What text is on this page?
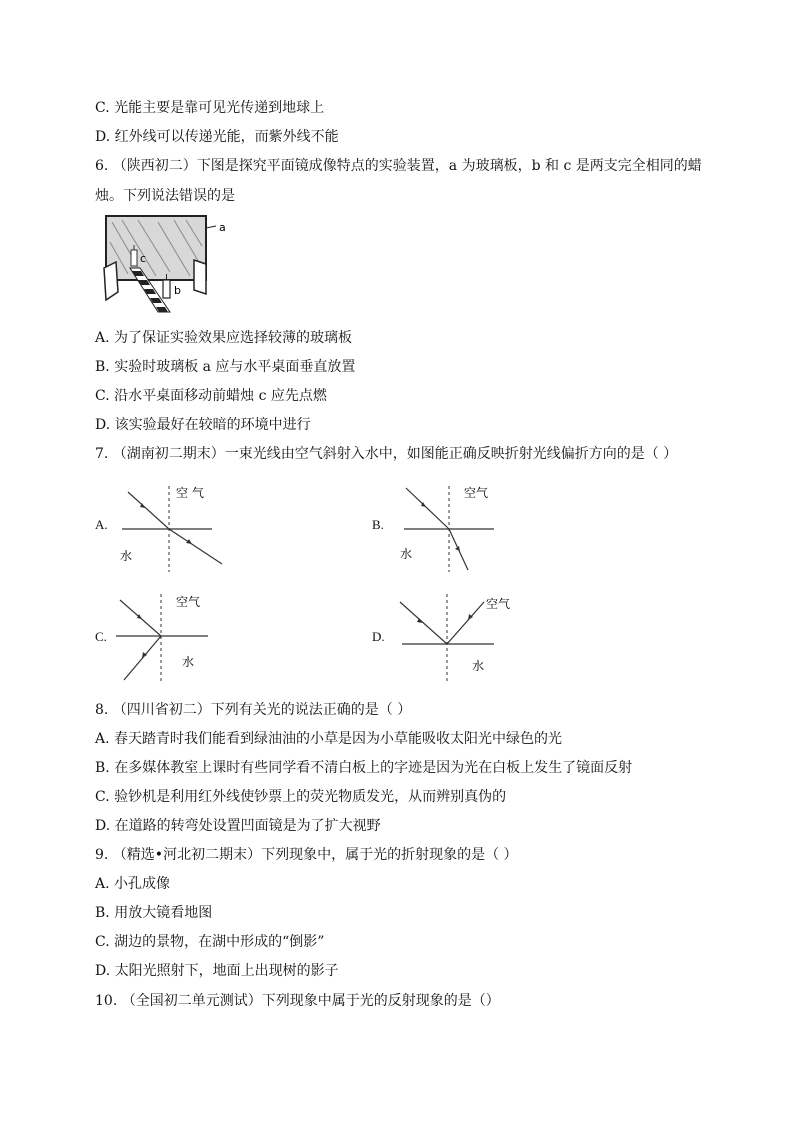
C. 光能主要是靠可见光传递到地球上
D. 红外线可以传递光能，而紫外线不能
6. （陕西初二）下图是探究平面镜成像特点的实验装置，a 为玻璃板，b 和 c 是两支完全相同的蜡
烛。下列说法错误的是
a
c
b
A. 为了保证实验效果应选择较薄的玻璃板
B. 实验时玻璃板 a 应与水平桌面垂直放置
C. 沿水平桌面移动前蜡烛 c 应先点燃
D. 该实验最好在较暗的环境中进行
7. （湖南初二期末）一束光线由空气斜射入水中，如图能正确反映折射光线偏折方向的是（ ）
A.
空 气
水
B.
空气
水
C.
空气
水
D.
空气
水
8. （四川省初二）下列有关光的说法正确的是（ ）
A. 春天踏青时我们能看到绿油油的小草是因为小草能吸收太阳光中绿色的光
B. 在多媒体教室上课时有些同学看不清白板上的字迹是因为光在白板上发生了镜面反射
C. 验钞机是利用红外线使钞票上的荧光物质发光，从而辨别真伪的
D. 在道路的转弯处设置凹面镜是为了扩大视野
9. （精选•河北初二期末）下列现象中，属于光的折射现象的是（ ）
A. 小孔成像
B. 用放大镜看地图
C. 湖边的景物，在湖中形成的“倒影”
D. 太阳光照射下，地面上出现树的影子
10. （全国初二单元测试）下列现象中属于光的反射现象的是（）
